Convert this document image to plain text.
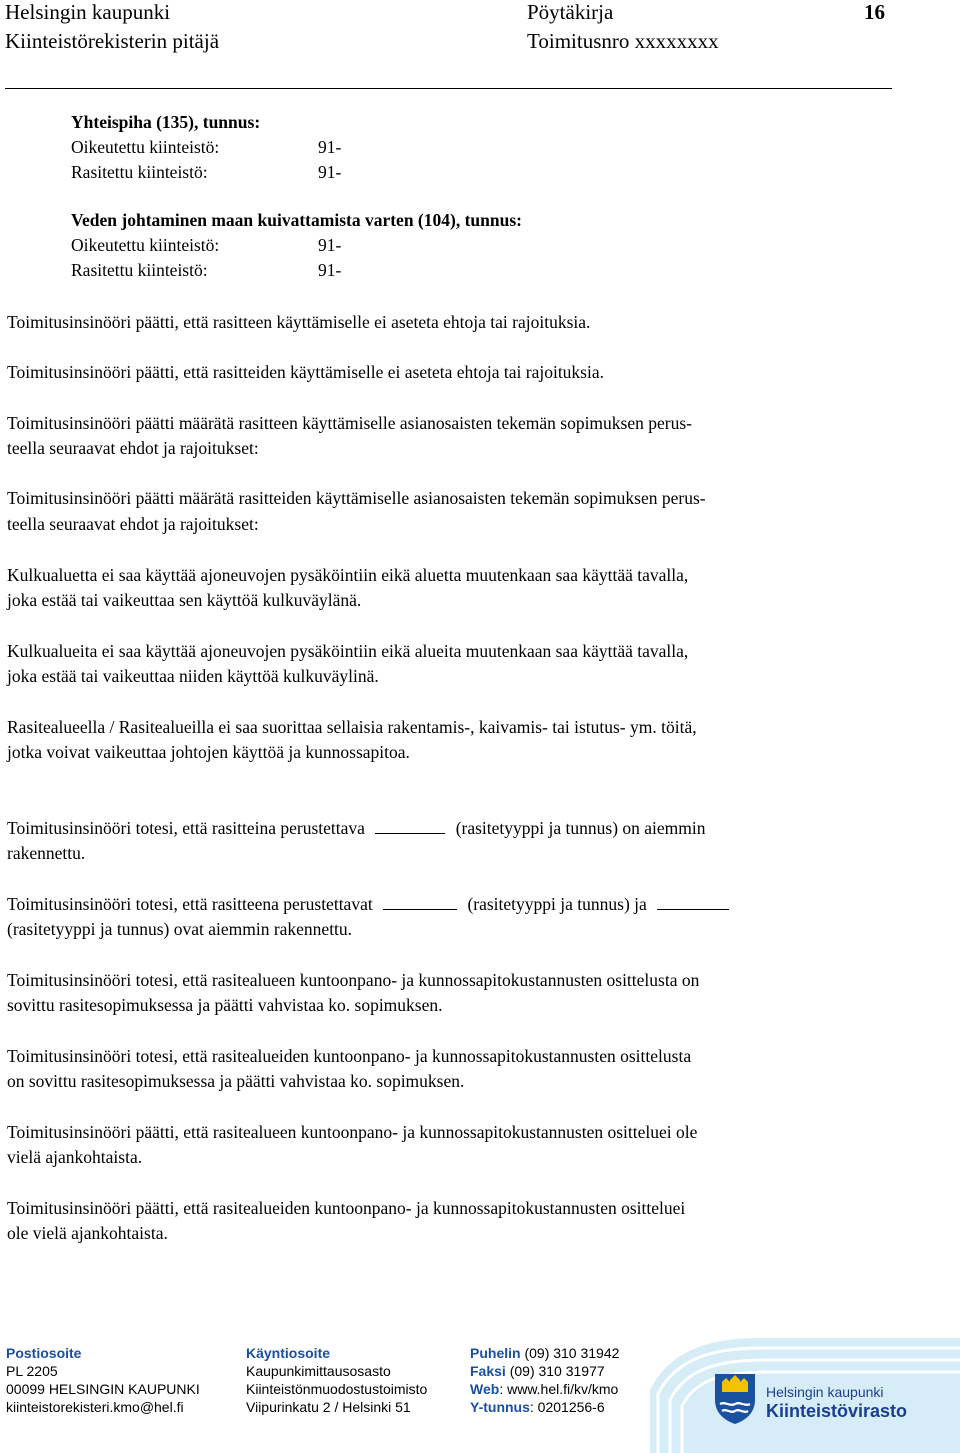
Helsingin kaupunki
Kiinteistörekisterin pitäjä
Pöytäkirja
Toimitusnro xxxxxxxx
16
Yhteispiha (135), tunnus:
Oikeutettu kiinteistö:	91-
Rasitettu kiinteistö:	91-
Veden johtaminen maan kuivattamista varten (104), tunnus:
Oikeutettu kiinteistö:	91-
Rasitettu kiinteistö:	91-
Toimitusinsinööri päätti, että rasitteen käyttämiselle ei aseteta ehtoja tai rajoituksia.
Toimitusinsinööri päätti, että rasitteiden käyttämiselle ei aseteta ehtoja tai rajoituksia.
Toimitusinsinööri päätti määrätä rasitteen käyttämiselle asianosaisten tekemän sopimuksen perus-
teella seuraavat ehdot ja rajoitukset:
Toimitusinsinööri päätti määrätä rasitteiden käyttämiselle asianosaisten tekemän sopimuksen perus-
teella seuraavat ehdot ja rajoitukset:
Kulkualuetta ei saa käyttää ajoneuvojen pysäköintiin eikä aluetta muutenkaan saa käyttää tavalla,
joka estää tai vaikeuttaa sen käyttöä kulkuväylänä.
Kulkualueita ei saa käyttää ajoneuvojen pysäköintiin eikä alueita muutenkaan saa käyttää tavalla,
joka estää tai vaikeuttaa niiden käyttöä kulkuväylinä.
Rasitealueella / Rasitealueilla ei saa suorittaa sellaisia rakentamis-, kaivamis- tai istutus- ym. töitä,
jotka voivat vaikeuttaa johtojen käyttöä ja kunnossapitoa.
Toimitusinsinööri totesi, että rasitteina perustettava	(rasitetyyppi ja tunnus) on aiemmin
rakennettu.
Toimitusinsinööri totesi, että rasitteena perustettavat	(rasitetyyppi ja tunnus) ja
(rasitetyyppi ja tunnus) ovat aiemmin rakennettu.
Toimitusinsinööri totesi, että rasitealueen kuntoonpano- ja kunnossapitokustannusten osittelusta on
sovittu rasitesopimuksessa ja päätti vahvistaa ko. sopimuksen.
Toimitusinsinööri totesi, että rasitealueiden kuntoonpano- ja kunnossapitokustannusten osittelusta
on sovittu rasitesopimuksessa ja päätti vahvistaa ko. sopimuksen.
Toimitusinsinööri päätti, että rasitealueen kuntoonpano- ja kunnossapitokustannusten ositteluei ole
vielä ajankohtaista.
Toimitusinsinööri päätti, että rasitealueiden kuntoonpano- ja kunnossapitokustannusten ositteluei
ole vielä ajankohtaista.
Postiosoite
PL 2205
00099 HELSINGIN KAUPUNKI
kiinteistorekisteri.kmo@hel.fi
Käyntiosoite
Kaupunkimittausosasto
Kiinteistönmuodostustoimisto
Viipurinkatu 2 / Helsinki 51
Puhelin (09) 310 31942
Faksi (09) 310 31977
Web: www.hel.fi/kv/kmo
Y-tunnus: 0201256-6
Helsingin kaupunki
Kiinteistövirasto
